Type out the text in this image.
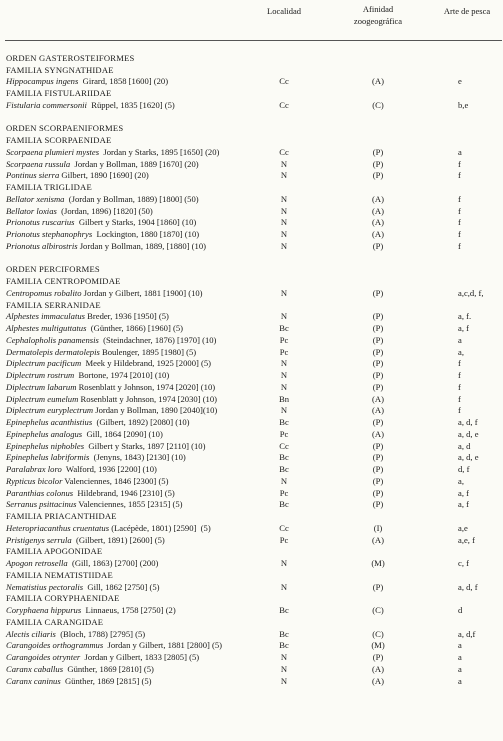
Localidad	Afinidad
zoogeográfica
Arte de pesca
ORDEN GASTEROSTEIFORMES
FAMILIA SYNGNATHIDAE
Hippocampus ingens  Girard, 1858 [1600] (20)	Cc	(A)	e
FAMILIA FISTULARIIDAE
Fistularia commersonii  Rüppel, 1835 [1620] (5)	Cc	(C)	b,e
ORDEN SCORPAENIFORMES
FAMILIA SCORPAENIDAE
Scorpaena plumieri mystes  Jordan y Starks, 1895 [1650] (20)	Cc	(P)	a
Scorpaena russula  Jordan y Bollman, 1889 [1670] (20)	N	(P)	f
Pontinus sierra Gilbert, 1890 [1690] (20)	N	(P)	f
FAMILIA TRIGLIDAE
Bellator xenisma  (Jordan y Bollman, 1889) [1800] (50)	N	(A)	f
Bellator loxias  (Jordan, 1896) [1820] (50)	N	(A)	f
Prionotus ruscarius  Gilbert y Starks, 1904 [1860] (10)	N	(A)	f
Prionotus stephanophrys  Lockington, 1880 [1870] (10)	N	(A)	f
Prionotus albirostris Jordan y Bollman, 1889, [1880] (10)	N	(P)	f
ORDEN PERCIFORMES
FAMILIA CENTROPOMIDAE
Centropomus robalito Jordan y Gilbert, 1881 [1900] (10)	N	(P)	a,c,d, f,
FAMILIA SERRANIDAE
Alphestes immaculatus Breder, 1936 [1950] (5)	N	(P)	a, f.
Alphestes multiguttatus  (Günther, 1866) [1960] (5)	Bc	(P)	a, f
Cephalopholis panamensis  (Steindachner, 1876) [1970] (10)	Pc	(P)	a
Dermatolepis dermatolepis Boulenger, 1895 [1980] (5)	Pc	(P)	a,
Diplectrum pacificum  Meek y Hildebrand, 1925 [2000] (5)	N	(P)	f
Diplectrum rostrum  Bortone, 1974 [2010] (10)	N	(P)	f
Diplectrum labarum Rosenblatt y Johnson, 1974 [2020] (10)	N	(P)	f
Diplectrum eumelum Rosenblatt y Johnson, 1974 [2030] (10)	Bn	(A)	f
Diplectrum euryplectrum Jordan y Bollman, 1890 [2040](10)	N	(A)	f
Epinephelus acanthistius  (Gilbert, 1892) [2080] (10)	Bc	(P)	a, d, f
Epinephelus analogus  Gill, 1864 [2090] (10)	Pc	(A)	a, d, e
Epinephelus niphobles  Gilbert y Starks, 1897 [2110] (10)	Cc	(P)	a, d
Epinephelus labriformis  (Jenyns, 1843) [2130] (10)	Bc	(P)	a, d, e
Paralabrax loro  Walford, 1936 [2200] (10)	Bc	(P)	d, f
Rypticus bicolor Valenciennes, 1846 [2300] (5)	N	(P)	a,
Paranthias colonus  Hildebrand, 1946 [2310] (5)	Pc	(P)	a, f
Serranus psittacinus Valenciennes, 1855 [2315] (5)	Bc	(P)	a, f
FAMILIA PRIACANTHIDAE
Heteropriacanthus cruentatus (Lacépède, 1801) [2590]  (5)	Cc	(I)	a,e
Pristigenys serrula  (Gilbert, 1891) [2600] (5)	Pc	(A)	a,e, f
FAMILIA APOGONIDAE
Apogon retrosella  (Gill, 1863) [2700] (200)	N	(M)	c, f
FAMILIA NEMATISTIIDAE
Nematistius pectoralis  Gill, 1862 [2750] (5)	N	(P)	a, d, f
FAMILIA CORYPHAENIDAE
Coryphaena hippurus  Linnaeus, 1758 [2750] (2)	Bc	(C)	d
FAMILIA CARANGIDAE
Alectis ciliaris  (Bloch, 1788) [2795] (5)	Bc	(C)	a, d,f
Carangoides orthogrammus  Jordan y Gilbert, 1881 [2800] (5)	Bc	(M)	a
Carangoides otrynter  Jordan y Gilbert, 1833 [2805] (5)	N	(P)	a
Caranx caballus  Günther, 1869 [2810] (5)	N	(A)	a
Caranx caninus  Günther, 1869 [2815] (5)	N	(A)	a
